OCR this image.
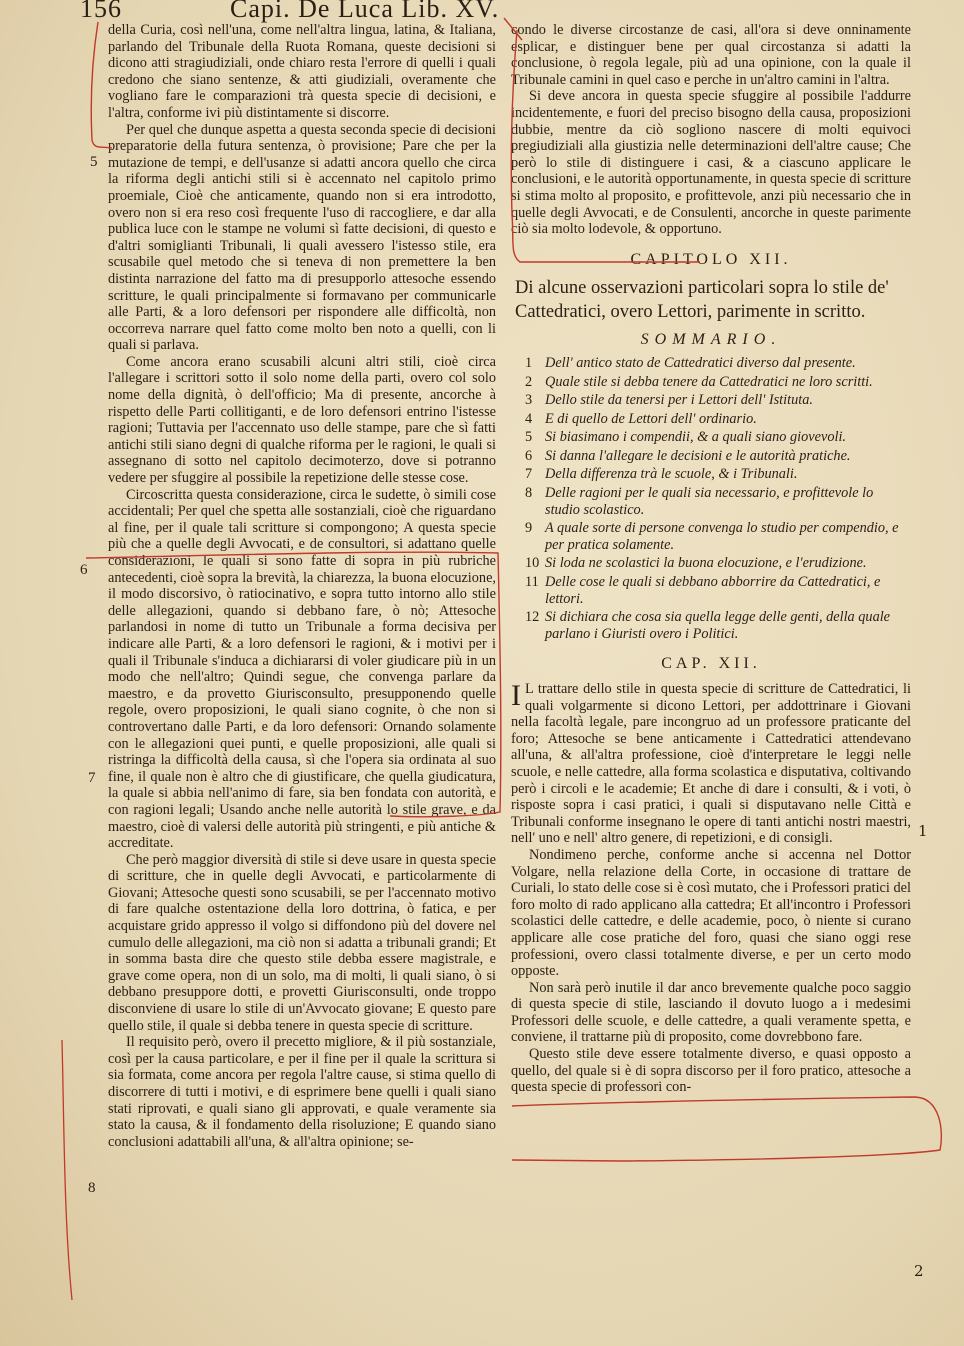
156	Capi. De Luca Lib. XV.

della Curia, così nell'una, come nell'altra lingua, latina, & Italiana, parlando del Tribunale della Ruota Romana, queste decisioni si dicono atti stragiudiziali, onde chiaro resta l'errore di quelli i quali credono che siano sentenze, & atti giudiziali, overamente che vogliano fare le comparazioni trà questa specie di decisioni, e l'altra, conforme ivi più distintamente si discorre.

Per quel che dunque aspetta a questa seconda specie di decisioni preparatorie della futura sentenza, ò provisione; Pare che per la mutazione de tempi, e dell'usanze si adatti ancora quello che circa la riforma degli antichi stili si è accennato nel capitolo primo proemiale, Cioè che anticamente, quando non si era introdotto, overo non si era reso così frequente l'uso di raccogliere, e dar alla publica luce con le stampe ne volumi sì fatte decisioni, di questo e d'altri somiglianti Tribunali, li quali avessero l'istesso stile, era scusabile quel metodo che si teneva di non premettere la ben distinta narrazione del fatto ma di presupporlo attesoche essendo scritture, le quali principalmente si formavano per communicarle alle Parti, & a loro defensori per rispondere alle difficoltà, non occorreva narrare quel fatto come molto ben noto a quelli, con li quali si parlava.

Come ancora erano scusabili alcuni altri stili, cioè circa l'allegare i scrittori sotto il solo nome della parti, overo col solo nome della dignità, ò dell'officio; Ma di presente, ancorche à rispetto delle Parti collitiganti, e de loro defensori entrino l'istesse ragioni; Tuttavia per l'accennato uso delle stampe, pare che sì fatti antichi stili siano degni di qualche riforma per le ragioni, le quali si assegnano di sotto nel capitolo decimoterzo, dove si potranno vedere per sfuggire al possibile la repetizione delle stesse cose.

Circoscritta questa considerazione, circa le sudette, ò simili cose accidentali; Per quel che spetta alle sostanziali, cioè che riguardano al fine, per il quale tali scritture si compongono; A questa specie più che a quelle degli Avvocati, e de consultori, si adattano quelle considerazioni, le quali si sono fatte di sopra in più rubriche antecedenti, cioè sopra la brevità, la chiarezza, la buona elocuzione, il modo discorsivo, ò ratiocinativo, e sopra tutto intorno allo stile delle allegazioni, quando si debbano fare, ò nò; Attesoche parlandosi in nome di tutto un Tribunale a forma decisiva per indicare alle Parti, & a loro defensori le ragioni, & i motivi per i quali il Tribunale s'induca a dichiararsi di voler giudicare più in un modo che nell'altro; Quindi segue, che convenga parlare da maestro, e da provetto Giurisconsulto, presupponendo quelle regole, overo proposizioni, le quali siano cognite, ò che non si controvertano dalle Parti, e da loro defensori: Ornando solamente con le allegazioni quei punti, e quelle proposizioni, alle quali si ristringa la difficoltà della causa, sì che l'opera sia ordinata al suo fine, il quale non è altro che di giustificare, che quella giudicatura, la quale si abbia nell'animo di fare, sia ben fondata con autorità, e con ragioni legali; Usando anche nelle autorità lo stile grave, e da maestro, cioè di valersi delle autorità più stringenti, e più antiche & accreditate.

Che però maggior diversità di stile si deve usare in questa specie di scritture, che in quelle degli Avvocati, e particolarmente di Giovani; Attesoche questi sono scusabili, se per l'accennato motivo di fare qualche ostentazione della loro dottrina, ò fatica, e per acquistare grido appresso il volgo si diffondono più del dovere nel cumulo delle allegazioni, ma ciò non si adatta a tribunali grandi; Et in somma basta dire che questo stile debba essere magistrale, e grave come opera, non di un solo, ma di molti, li quali siano, ò si debbano presuppore dotti, e provetti Giurisconsulti, onde troppo disconviene di usare lo stile di un'Avvocato giovane; E questo pare quello stile, il quale si debba tenere in questa specie di scritture.

Il requisito però, overo il precetto migliore, & il più sostanziale, così per la causa particolare, e per il fine per il quale la scrittura si sia formata, come ancora per regola l'altre cause, si stima quello di discorrere di tutti i motivi, e di esprimere bene quelli i quali siano stati riprovati, e quali siano gli approvati, e quale veramente sia stato la causa, & il fondamento della risoluzione; E quando siano conclusioni adattabili all'una, & all'altra opinione; se-

5
6
7
8

condo le diverse circostanze de casi, all'ora si deve onninamente esplicar, e distinguer bene per qual circostanza si adatti la conclusione, ò regola legale, più ad una opinione, con la quale il Tribunale camini in quel caso e perche in un'altro camini in l'altra.

Si deve ancora in questa specie sfuggire al possibile l'addurre incidentemente, e fuori del preciso bisogno della causa, proposizioni dubbie, mentre da ciò sogliono nascere di molti equivoci pregiudiziali alla giustizia nelle determinazioni dell'altre cause; Che però lo stile di distinguere i casi, & a ciascuno applicare le conclusioni, e le autorità opportunamente, in questa specie di scritture si stima molto al proposito, e profittevole, anzi più necessario che in quelle degli Avvocati, e de Consulenti, ancorche in queste parimente ciò sia molto lodevole, & opportuno.

CAPITOLO XII.
Di alcune osservazioni particolari sopra lo stile de' Cattedratici, overo Lettori, parimente in scritto.
SOMMARIO.
1 Dell' antico stato de Cattedratici diverso dal presente.
2 Quale stile si debba tenere da Cattedratici ne loro scritti.
3 Dello stile da tenersi per i Lettori dell' Istituta.
4 E di quello de Lettori dell' ordinario.
5 Si biasimano i compendii, & a quali siano giovevoli.
6 Si danna l'allegare le decisioni e le autorità pratiche.
7 Della differenza trà le scuole, & i Tribunali.
8 Delle ragioni per le quali sia necessario, e profittevole lo studio scolastico.
9 A quale sorte di persone convenga lo studio per compendio, e per pratica solamente.
10 Si loda ne scolastici la buona elocuzione, e l'erudizione.
11 Delle cose le quali si debbano abborrire da Cattedratici, e lettori.
12 Si dichiara che cosa sia quella legge delle genti, della quale parlano i Giuristi overo i Politici.
CAP. XII.

I L trattare dello stile in questa specie di scritture de Cattedratici, li quali volgarmente si dicono Lettori, per addottrinare i Giovani nella facoltà legale, pare incongruo ad un professore praticante del foro; Attesoche se bene anticamente i Cattedratici attendevano all'una, & all'altra professione, cioè d'interpretare le leggi nelle scuole, e nelle cattedre, alla forma scolastica e disputativa, coltivando però i circoli e le academie; Et anche di dare i consulti, & i voti, ò risposte sopra i casi pratici, i quali si disputavano nelle Città e Tribunali conforme insegnano le opere di tanti antichi nostri maestri, nell' uno e nell' altro genere, di repetizioni, e di consigli.

Nondimeno perche, conforme anche si accenna nel Dottor Volgare, nella relazione della Corte, in occasione di trattare de Curiali, lo stato delle cose si è così mutato, che i Professori pratici del foro molto di rado applicano alla cattedra; Et all'incontro i Professori scolastici delle cattedre, e delle academie, poco, ò niente si curano applicare alle cose pratiche del foro, quasi che siano oggi rese professioni, overo classi totalmente diverse, e per un certo modo opposte.

Non sarà però inutile il dar anco brevemente qualche poco saggio di questa specie di stile, lasciando il dovuto luogo a i medesimi Professori delle scuole, e delle cattedre, a quali veramente spetta, e conviene, il trattarne più di proposito, come dovrebbono fare.

Questo stile deve essere totalmente diverso, e quasi opposto a quello, del quale si è di sopra discorso per il foro pratico, attesoche a questa specie di professori con-

1
2
